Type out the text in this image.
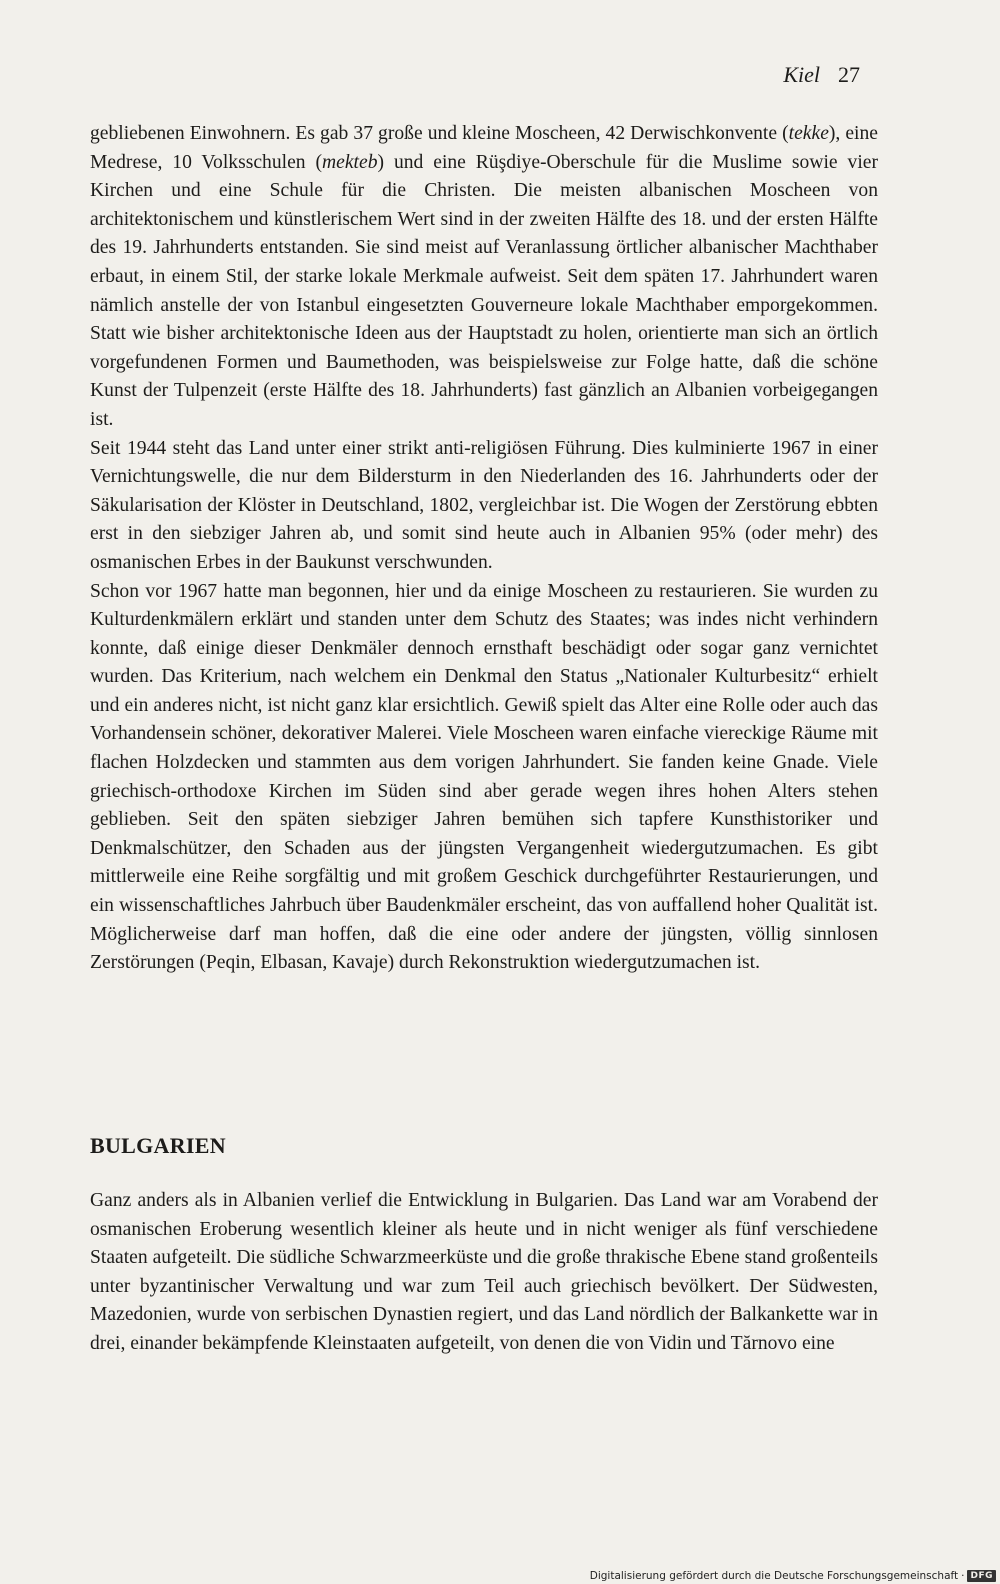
Kiel 27

gebliebenen Einwohnern. Es gab 37 große und kleine Moscheen, 42 Derwischkonvente (tekke), eine Medrese, 10 Volksschulen (mekteb) und eine Rüşdiye-Oberschule für die Muslime sowie vier Kirchen und eine Schule für die Christen. Die meisten albanischen Moscheen von architektonischem und künstlerischem Wert sind in der zweiten Hälfte des 18. und der ersten Hälfte des 19. Jahrhunderts entstanden. Sie sind meist auf Veranlassung örtlicher albanischer Machthaber erbaut, in einem Stil, der starke lokale Merkmale aufweist. Seit dem späten 17. Jahrhundert waren nämlich anstelle der von Istanbul eingesetzten Gouverneure lokale Machthaber emporgekommen. Statt wie bisher architektonische Ideen aus der Hauptstadt zu holen, orientierte man sich an örtlich vorgefundenen Formen und Baumethoden, was beispielsweise zur Folge hatte, daß die schöne Kunst der Tulpenzeit (erste Hälfte des 18. Jahrhunderts) fast gänzlich an Albanien vorbeigegangen ist.

Seit 1944 steht das Land unter einer strikt anti-religiösen Führung. Dies kulminierte 1967 in einer Vernichtungswelle, die nur dem Bildersturm in den Niederlanden des 16. Jahrhunderts oder der Säkularisation der Klöster in Deutschland, 1802, vergleichbar ist. Die Wogen der Zerstörung ebbten erst in den siebziger Jahren ab, und somit sind heute auch in Albanien 95% (oder mehr) des osmanischen Erbes in der Baukunst verschwunden.

Schon vor 1967 hatte man begonnen, hier und da einige Moscheen zu restaurieren. Sie wurden zu Kulturdenkmälern erklärt und standen unter dem Schutz des Staates; was indes nicht verhindern konnte, daß einige dieser Denkmäler dennoch ernsthaft beschädigt oder sogar ganz vernichtet wurden. Das Kriterium, nach welchem ein Denkmal den Status „Nationaler Kulturbesitz“ erhielt und ein anderes nicht, ist nicht ganz klar ersichtlich. Gewiß spielt das Alter eine Rolle oder auch das Vorhandensein schöner, dekorativer Malerei. Viele Moscheen waren einfache viereckige Räume mit flachen Holzdecken und stammten aus dem vorigen Jahrhundert. Sie fanden keine Gnade. Viele griechisch-orthodoxe Kirchen im Süden sind aber gerade wegen ihres hohen Alters stehen geblieben. Seit den späten siebziger Jahren bemühen sich tapfere Kunsthistoriker und Denkmalschützer, den Schaden aus der jüngsten Vergangenheit wiedergutzumachen. Es gibt mittlerweile eine Reihe sorgfältig und mit großem Geschick durchgeführter Restaurierungen, und ein wissenschaftliches Jahrbuch über Baudenkmäler erscheint, das von auffallend hoher Qualität ist. Möglicherweise darf man hoffen, daß die eine oder andere der jüngsten, völlig sinnlosen Zerstörungen (Peqin, Elbasan, Kavaje) durch Rekonstruktion wiedergutzumachen ist.

BULGARIEN

Ganz anders als in Albanien verlief die Entwicklung in Bulgarien. Das Land war am Vorabend der osmanischen Eroberung wesentlich kleiner als heute und in nicht weniger als fünf verschiedene Staaten aufgeteilt. Die südliche Schwarzmeerküste und die große thrakische Ebene stand großenteils unter byzantinischer Verwaltung und war zum Teil auch griechisch bevölkert. Der Südwesten, Mazedonien, wurde von serbischen Dynastien regiert, und das Land nördlich der Balkankette war in drei, einander bekämpfende Kleinstaaten aufgeteilt, von denen die von Vidin und Tărnovo eine

Digitalisierung gefördert durch die Deutsche Forschungsgemeinschaft · DFG
